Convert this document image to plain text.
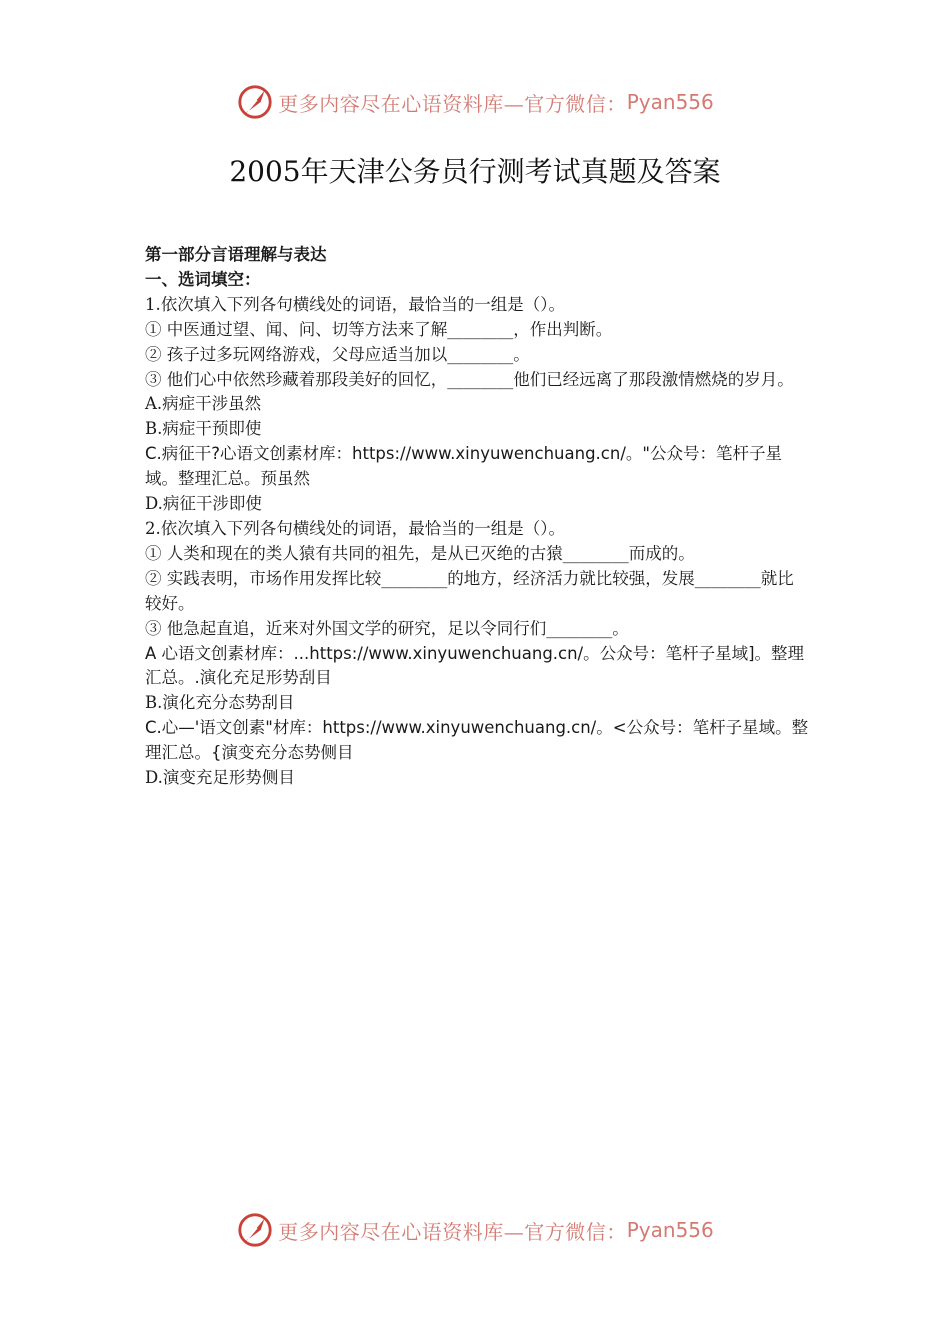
更多内容尽在心语资料库—官方微信： Pyan556
2005年天津公务员行测考试真题及答案

第一部分言语理解与表达

一、选词填空：

1.依次填入下列各句横线处的词语，最恰当的一组是（）。

① 中医通过望、闻、问、切等方法来了解________，作出判断。

② 孩子过多玩网络游戏，父母应适当加以________。

③ 他们心中依然珍藏着那段美好的回忆，________他们已经远离了那段激情燃烧的岁月。

A.病症干涉虽然

B.病症干预即使

C.病征干?心语文创素材库：https://www.xinyuwenchuang.cn/。"公众号：笔杆子星域。整理汇总。预虽然

D.病征干涉即使

2.依次填入下列各句横线处的词语，最恰当的一组是（）。

① 人类和现在的类人猿有共同的祖先，是从已灭绝的古猿________而成的。

② 实践表明，市场作用发挥比较________的地方，经济活力就比较强，发展________就比较好。

③ 他急起直追，近来对外国文学的研究，足以令同行们________。

A 心语文创素材库：...https://www.xinyuwenchuang.cn/。公众号：笔杆子星域]。整理汇总。.演化充足形势刮目

B.演化充分态势刮目

C.心—'语文创素"材库：https://www.xinyuwenchuang.cn/。<公众号：笔杆子星域。整理汇总。{演变充分态势侧目

D.演变充足形势侧目

更多内容尽在心语资料库—官方微信： Pyan556
